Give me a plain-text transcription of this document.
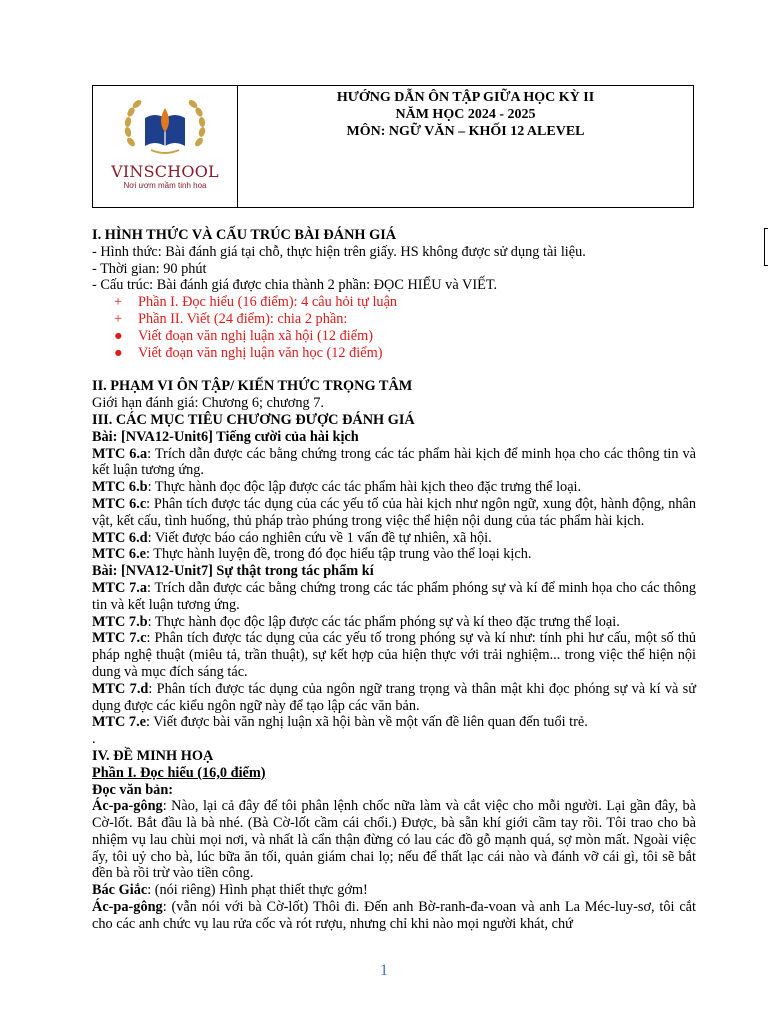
VINSCHOOL
Nơi ươm mầm tinh hoa
HƯỚNG DẪN ÔN TẬP GIỮA HỌC KỲ II
NĂM HỌC 2024 - 2025
MÔN: NGỮ VĂN – KHỐI 12 ALEVEL

I. HÌNH THỨC VÀ CẤU TRÚC BÀI ĐÁNH GIÁ

- Hình thức: Bài đánh giá tại chỗ, thực hiện trên giấy. HS không được sử dụng tài liệu.

- Thời gian: 90 phút

- Cấu trúc: Bài đánh giá được chia thành 2 phần: ĐỌC HIỂU và VIẾT.

+	Phần I. Đọc hiểu (16 điểm): 4 câu hỏi tự luận
+	Phần II. Viết (24 điểm): chia 2 phần:
●	Viết đoạn văn nghị luận xã hội (12 điểm)
●	Viết đoạn văn nghị luận văn học (12 điểm)

II. PHẠM VI ÔN TẬP/ KIẾN THỨC TRỌNG TÂM

Giới hạn đánh giá: Chương 6; chương 7.

III. CÁC MỤC TIÊU CHƯƠNG ĐƯỢC ĐÁNH GIÁ

Bài: [NVA12-Unit6] Tiếng cười của hài kịch

MTC 6.a: Trích dẫn được các bằng chứng trong các tác phẩm hài kịch để minh họa cho các thông tin và kết luận tương ứng.

MTC 6.b: Thực hành đọc độc lập được các tác phẩm hài kịch theo đặc trưng thể loại.

MTC 6.c: Phân tích được tác dụng của các yếu tố của hài kịch như ngôn ngữ, xung đột, hành động, nhân vật, kết cấu, tình huống, thủ pháp trào phúng trong việc thể hiện nội dung của tác phẩm hài kịch.

MTC 6.d: Viết được báo cáo nghiên cứu về 1 vấn đề tự nhiên, xã hội.

MTC 6.e: Thực hành luyện đề, trong đó đọc hiểu tập trung vào thể loại kịch.

Bài: [NVA12-Unit7] Sự thật trong tác phẩm kí

MTC 7.a: Trích dẫn được các bằng chứng trong các tác phẩm phóng sự và kí để minh họa cho các thông tin và kết luận tương ứng.

MTC 7.b: Thực hành đọc độc lập được các tác phẩm phóng sự và kí theo đặc trưng thể loại.

MTC 7.c: Phân tích được tác dụng của các yếu tố trong phóng sự và kí như: tính phi hư cấu, một số thủ pháp nghệ thuật (miêu tả, trần thuật), sự kết hợp của hiện thực với trải nghiệm... trong việc thể hiện nội dung và mục đích sáng tác.

MTC 7.d: Phân tích được tác dụng của ngôn ngữ trang trọng và thân mật khi đọc phóng sự và kí và sử dụng được các kiểu ngôn ngữ này để tạo lập các văn bản.

MTC 7.e: Viết được bài văn nghị luận xã hội bàn về một vấn đề liên quan đến tuổi trẻ.

.

IV. ĐỀ MINH HOẠ

Phần I. Đọc hiểu (16,0 điểm)

Đọc văn bản:

Ác-pa-gông: Nào, lại cả đây để tôi phân lệnh chốc nữa làm và cắt việc cho mỗi người. Lại gần đây, bà Cờ-lốt. Bắt đầu là bà nhé. (Bà Cờ-lốt cầm cái chổi.) Được, bà sẵn khí giới cầm tay rồi. Tôi trao cho bà nhiệm vụ lau chùi mọi nơi, và nhất là cẩn thận đừng có lau các đồ gỗ mạnh quá, sợ mòn mất. Ngoài việc ấy, tôi uỷ cho bà, lúc bữa ăn tối, quản giám chai lọ; nếu để thất lạc cái nào và đánh vỡ cái gì, tôi sẽ bắt đền bà rồi trừ vào tiền công.

Bác Giắc: (nói riêng) Hình phạt thiết thực gớm!

Ác-pa-gông: (vẫn nói với bà Cờ-lốt) Thôi đi. Đến anh Bờ-ranh-đa-voan và anh La Méc-luy-sơ, tôi cắt cho các anh chức vụ lau rửa cốc và rót rượu, nhưng chỉ khi nào mọi người khát, chứ

1
